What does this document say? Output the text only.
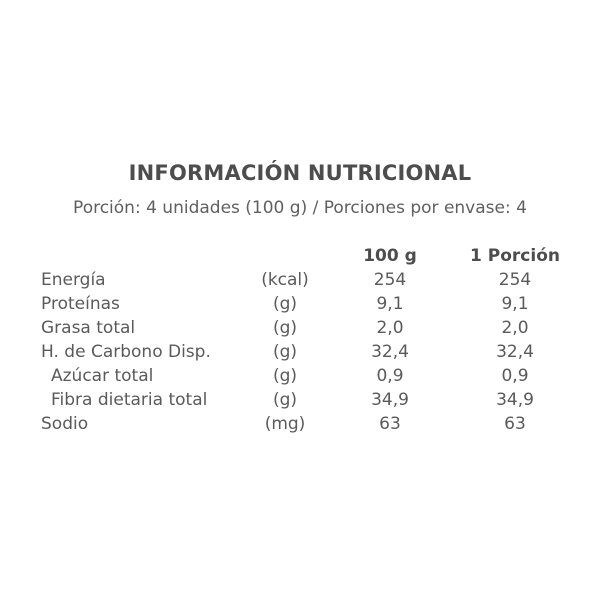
INFORMACIÓN NUTRICIONAL
Porción: 4 unidades (100 g) / Porciones por envase: 4
100 g	1 Porción
Energía	(kcal)	254	254
Proteínas	(g)	9,1	9,1
Grasa total	(g)	2,0	2,0
H. de Carbono Disp.	(g)	32,4	32,4
Azúcar total	(g)	0,9	0,9
Fibra dietaria total	(g)	34,9	34,9
Sodio	(mg)	63	63
